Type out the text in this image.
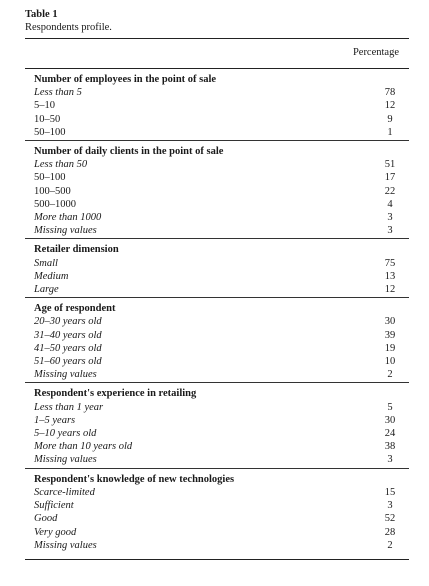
Table 1
Respondents profile.
Percentage
Number of employees in the point of sale
Less than 5	78
5–10	12
10–50	9
50–100	1
Number of daily clients in the point of sale
Less than 50	51
50–100	17
100–500	22
500–1000	4
More than 1000	3
Missing values	3
Retailer dimension
Small	75
Medium	13
Large	12
Age of respondent
20–30 years old	30
31–40 years old	39
41–50 years old	19
51–60 years old	10
Missing values	2
Respondent's experience in retailing
Less than 1 year	5
1–5 years	30
5–10 years old	24
More than 10 years old	38
Missing values	3
Respondent's knowledge of new technologies
Scarce-limited	15
Sufficient	3
Good	52
Very good	28
Missing values	2
